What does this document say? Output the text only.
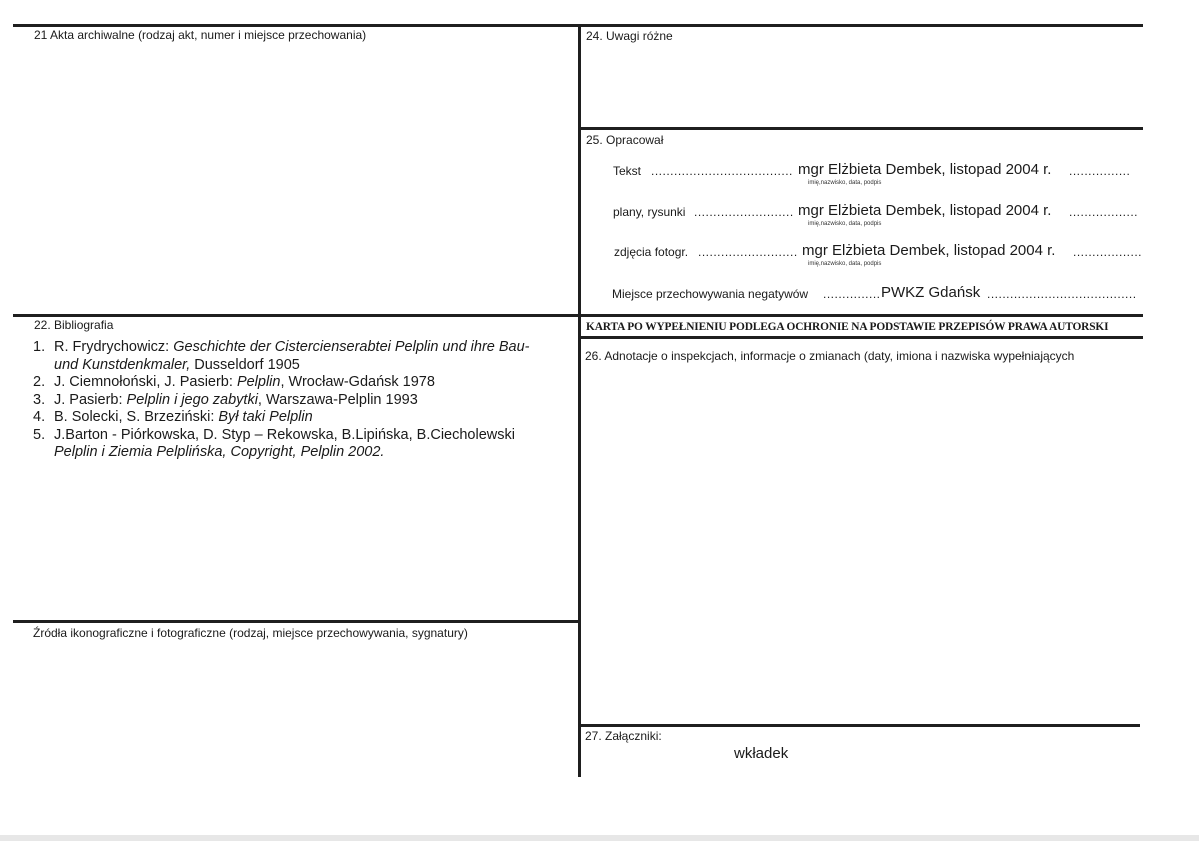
21 Akta archiwalne (rodzaj akt, numer i miejsce przechowania)	24. Uwagi różne
25. Opracował
Tekst .....	mgr Elżbieta Dembek, listopad 2004 r.
.....
imię,nazwisko, data, podpis
plany, rysunki .....	mgr Elżbieta Dembek, listopad 2004 r.
.....
imię,nazwisko, data, podpis
zdjęcia fotogr. .....	mgr Elżbieta Dembek, listopad 2004 r.
.....
imię,nazwisko, data, podpis
Miejsce przechowywania negatywów .....	PWKZ Gdańsk
.....
KARTA PO WYPEŁNIENIU PODLEGA OCHRONIE NA PODSTAWIE PRZEPISÓW PRAWA AUTORSKI
22. Bibliografia
1. R. Frydrychowicz: Geschichte der Cistercienserabtei Pelplin und ihre Bau-
und Kunstdenkmaler, Dusseldorf 1905
2. J. Ciemnołoński, J. Pasierb: Pelplin, Wrocław-Gdańsk 1978
3. J. Pasierb: Pelplin i jego zabytki, Warszawa-Pelplin 1993
4. B. Solecki, S. Brzeziński: Był taki Pelplin
5. J.Barton - Piórkowska, D. Styp – Rekowska, B.Lipińska, B.Ciecholewski
Pelplin i Ziemia Pelplińska, Copyright, Pelplin 2002.
26. Adnotacje o inspekcjach, informacje o zmianach (daty, imiona i nazwiska wypełniających
Źródła ikonograficzne i fotograficzne (rodzaj, miejsce przechowywania, sygnatury)
27. Załączniki:
wkładek
